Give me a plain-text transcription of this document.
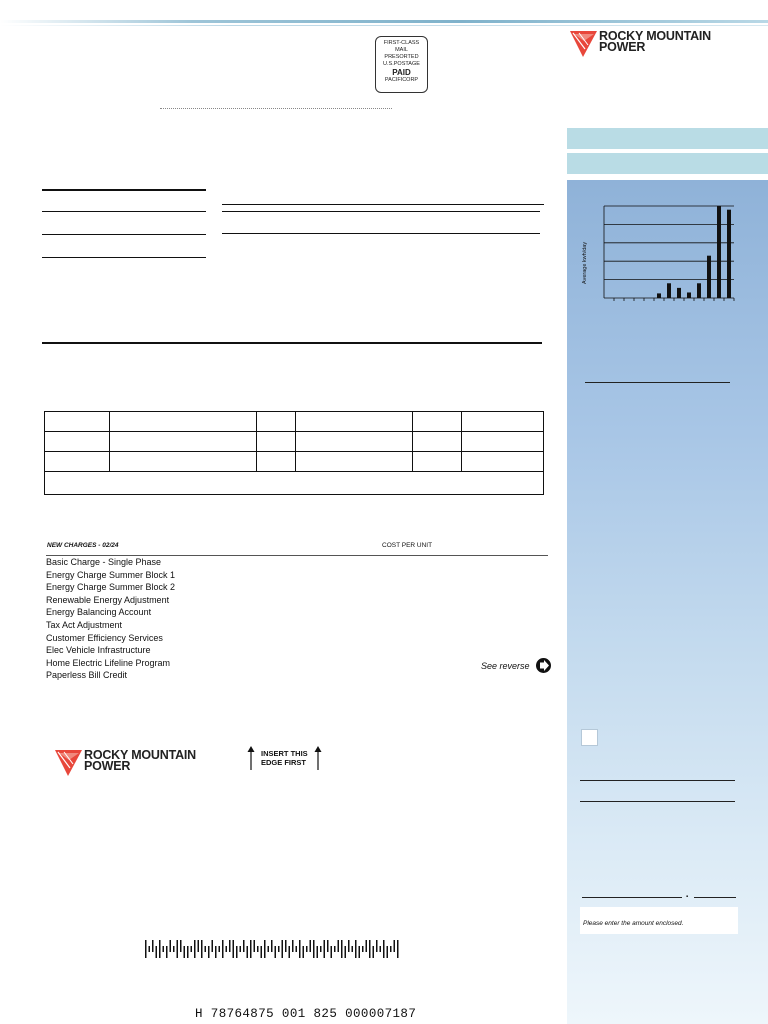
FIRST-CLASS
MAIL
PRESORTED
U.S.POSTAGE
PAID
PACIFICORP
ROCKY MOUNTAIN
POWER
Average kwh/day
▪
Please enter the amount enclosed.

NEW CHARGES - 02/24	COST PER UNIT
Basic Charge - Single Phase
Energy Charge Summer Block 1
Energy Charge Summer Block 2
Renewable Energy Adjustment
Energy Balancing Account
Tax Act Adjustment
Customer Efficiency Services
Elec Vehicle Infrastructure
Home Electric Lifeline Program
Paperless Bill Credit
See reverse
ROCKY MOUNTAIN
POWER
INSERT THIS
EDGE FIRST
H 78764875 001 825 000007187
